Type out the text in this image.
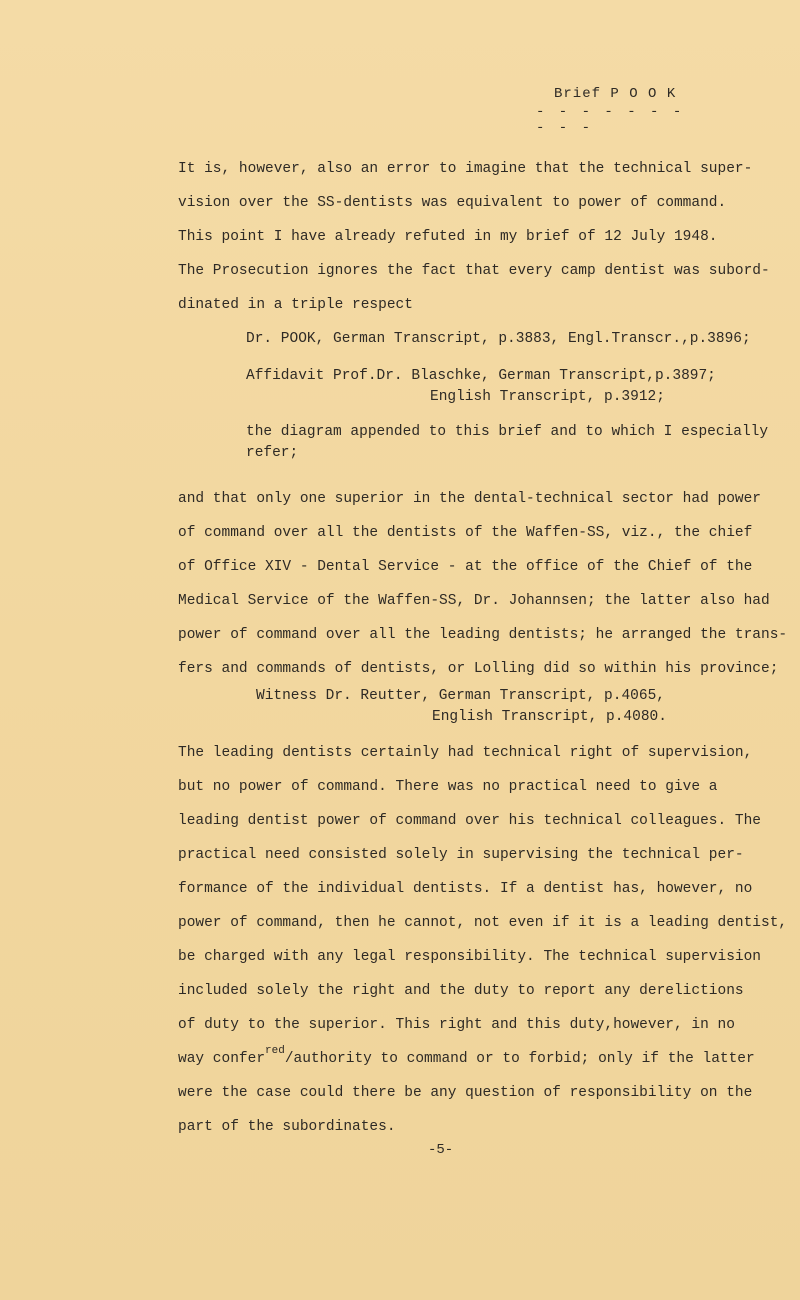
Brief P O O K
- - - - - - - - - -
It is, however, also an error to imagine that the technical super-
vision over the SS-dentists was equivalent to power of command.
This point I have already refuted in my brief of 12 July 1948.
The Prosecution ignores the fact that every camp dentist was subord-
dinated in a triple respect
Dr. POOK, German Transcript, p.3883, Engl.Transcr.,p.3896;
Affidavit Prof.Dr. Blaschke, German Transcript,p.3897;
English Transcript, p.3912;
the diagram appended to this brief and to which I especially
refer;
and that only one superior in the dental-technical sector had power
of command over all the dentists of the Waffen-SS, viz., the chief
of Office XIV - Dental Service - at the office of the Chief of the
Medical Service of the Waffen-SS, Dr. Johannsen; the latter also had
power of command over all the leading dentists; he arranged the trans-
fers and commands of dentists, or Lolling did so within his province;
Witness Dr. Reutter, German Transcript, p.4065,
English Transcript, p.4080.
The leading dentists certainly had technical right of supervision,
but no power of command. There was no practical need to give a
leading dentist power of command over his technical colleagues. The
practical need consisted solely in supervising the technical per-
formance of the individual dentists. If a dentist has, however, no
power of command, then he cannot, not even if it is a leading dentist,
be charged with any legal responsibility. The technical supervision
included solely the right and the duty to report any derelictions
of duty to the superior. This right and this duty,however, in no
way confer$^{red}$/authority to command or to forbid; only if the latter
were the case could there be any question of responsibility on the
part of the subordinates.
-5-
